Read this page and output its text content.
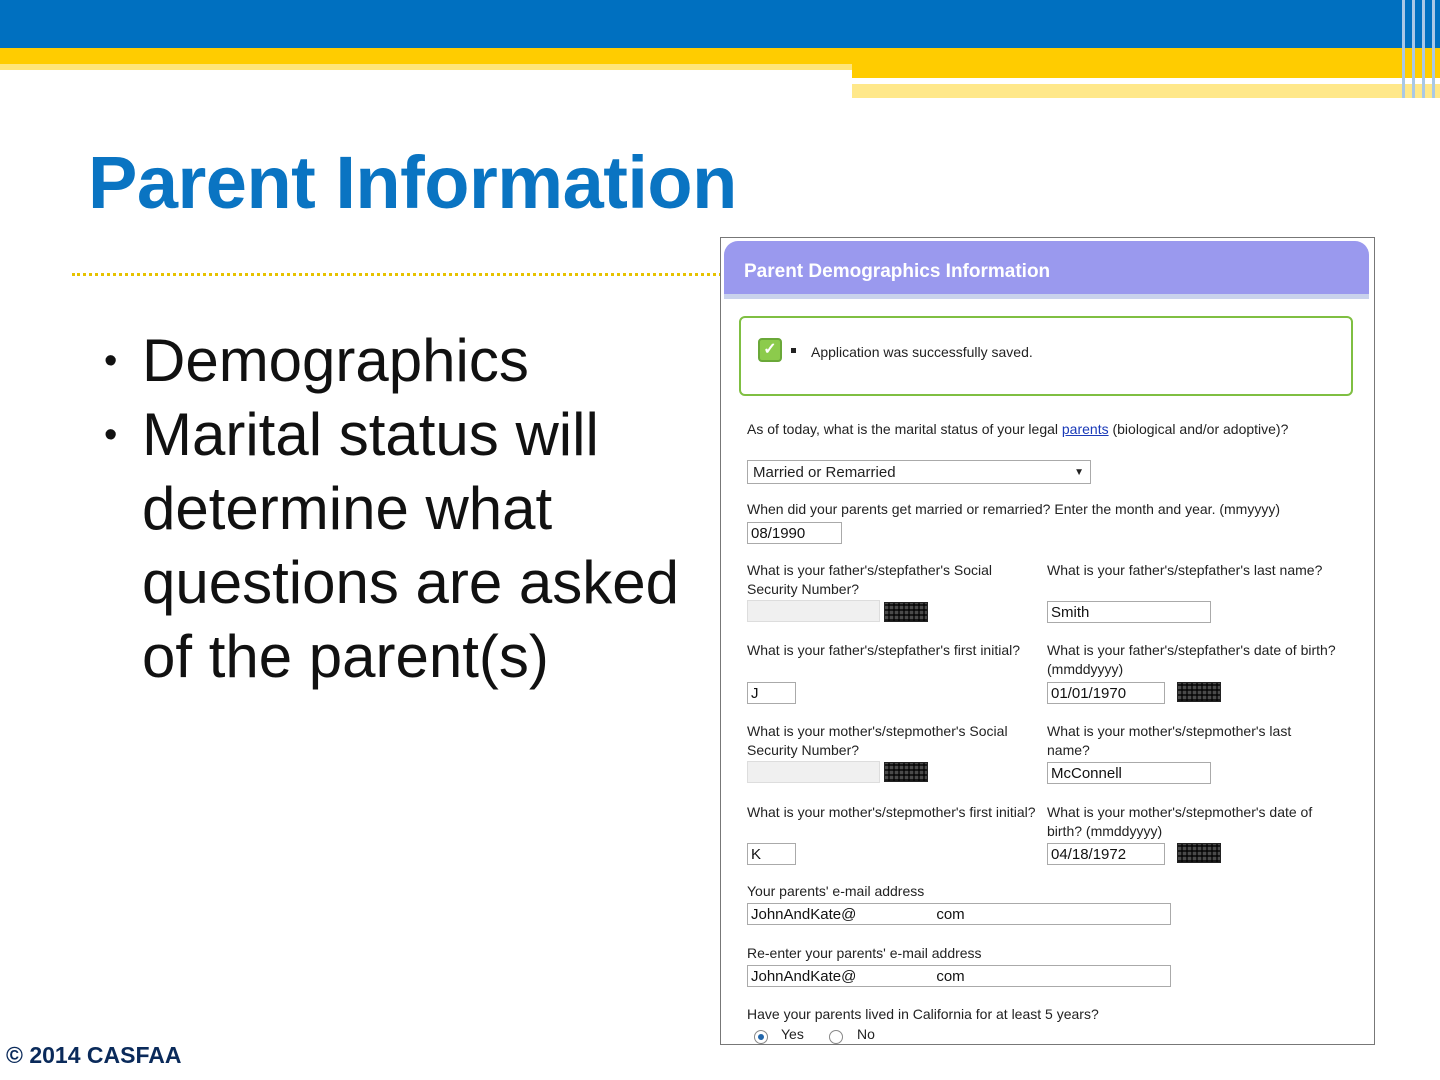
Parent Information
• Demographics
• Marital status will determine what questions are asked of the parent(s)
© 2014 CASFAA
Parent Demographics Information
✓	Application was successfully saved.
As of today, what is the marital status of your legal parents (biological and/or adoptive)?
Married or Remarried	▼
When did your parents get married or remarried? Enter the month and year. (mmyyyy)
08/1990
What is your father's/stepfather's Social Security Number?
What is your father's/stepfather's last name?
Smith
What is your father's/stepfather's first initial?
J
What is your father's/stepfather's date of birth? (mmddyyyy)
01/01/1970
What is your mother's/stepmother's Social Security Number?
What is your mother's/stepmother's last name?
McConnell
What is your mother's/stepmother's first initial?
K
What is your mother's/stepmother's date of birth? (mmddyyyy)
04/18/1972
Your parents' e-mail address
JohnAndKate@	com
Re-enter your parents' e-mail address
JohnAndKate@	com
Have your parents lived in California for at least 5 years?
Yes	No
